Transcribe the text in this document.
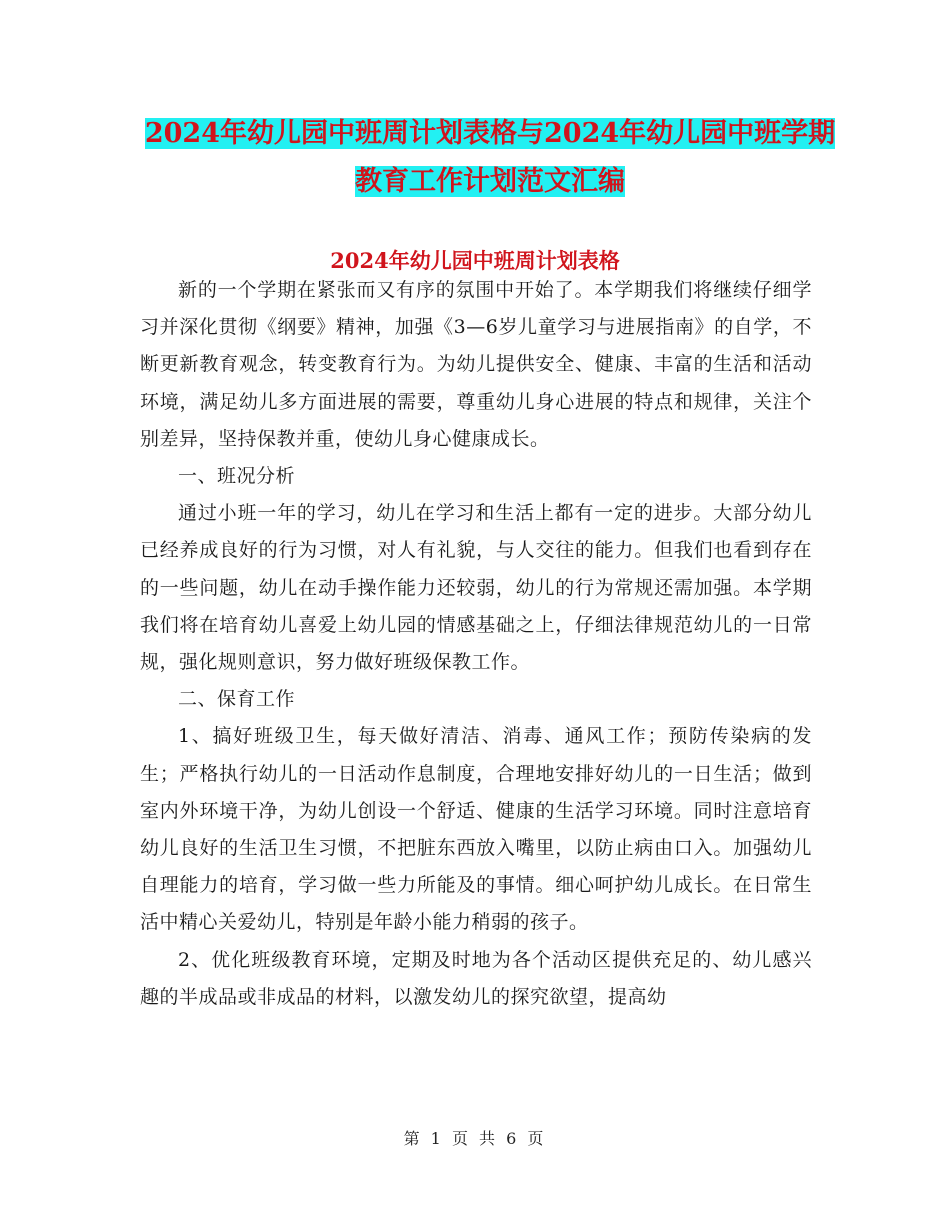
2024年幼儿园中班周计划表格与2024年幼儿园中班学期教育工作计划范文汇编
2024年幼儿园中班周计划表格

新的一个学期在紧张而又有序的氛围中开始了。本学期我们将继续仔细学习并深化贯彻《纲要》精神，加强《3—6岁儿童学习与进展指南》的自学，不断更新教育观念，转变教育行为。为幼儿提供安全、健康、丰富的生活和活动环境，满足幼儿多方面进展的需要，尊重幼儿身心进展的特点和规律，关注个别差异，坚持保教并重，使幼儿身心健康成长。

一、班况分析

通过小班一年的学习，幼儿在学习和生活上都有一定的进步。大部分幼儿已经养成良好的行为习惯，对人有礼貌，与人交往的能力。但我们也看到存在的一些问题，幼儿在动手操作能力还较弱，幼儿的行为常规还需加强。本学期我们将在培育幼儿喜爱上幼儿园的情感基础之上，仔细法律规范幼儿的一日常规，强化规则意识，努力做好班级保教工作。

二、保育工作

1、搞好班级卫生，每天做好清洁、消毒、通风工作；预防传染病的发生；严格执行幼儿的一日活动作息制度，合理地安排好幼儿的一日生活；做到室内外环境干净，为幼儿创设一个舒适、健康的生活学习环境。同时注意培育幼儿良好的生活卫生习惯，不把脏东西放入嘴里，以防止病由口入。加强幼儿自理能力的培育，学习做一些力所能及的事情。细心呵护幼儿成长。在日常生活中精心关爱幼儿，特别是年龄小能力稍弱的孩子。

2、优化班级教育环境，定期及时地为各个活动区提供充足的、幼儿感兴趣的半成品或非成品的材料，以激发幼儿的探究欲望，提高幼

第 1 页 共 6 页
